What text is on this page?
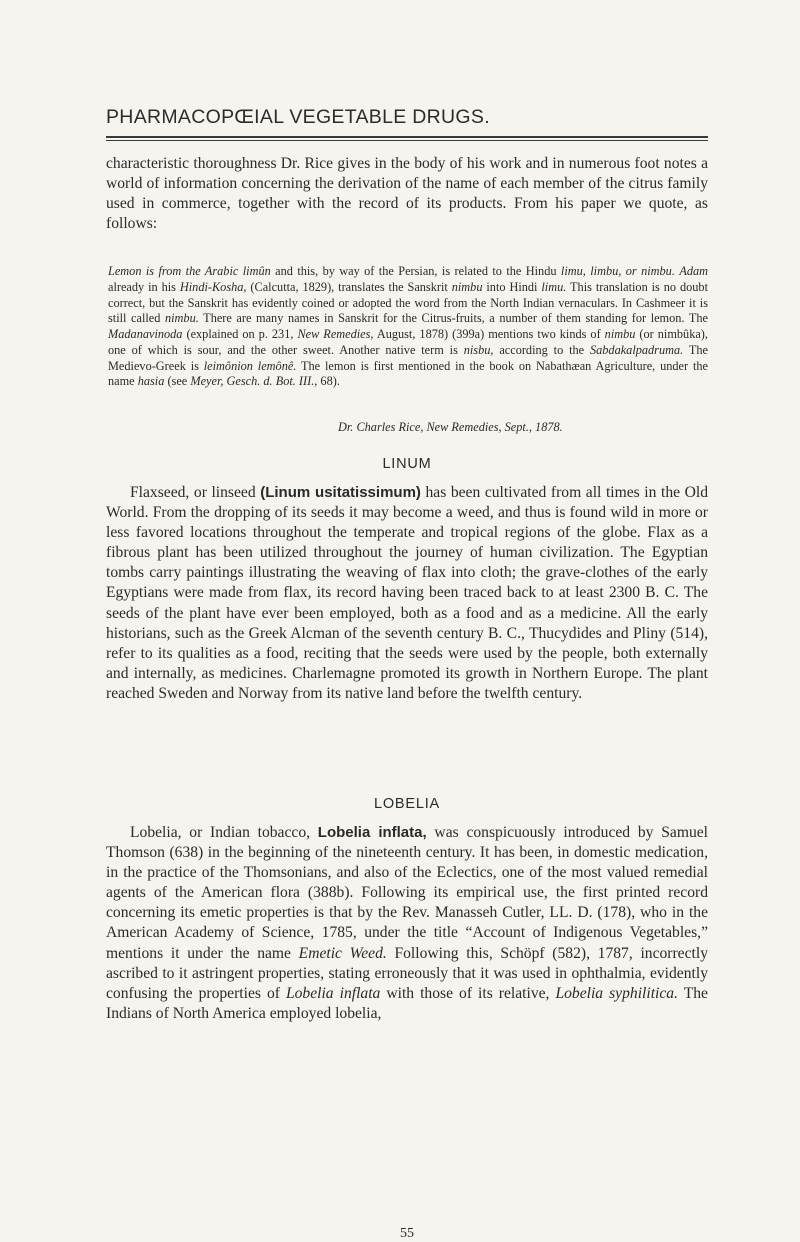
PHARMACOPŒIAL VEGETABLE DRUGS.

characteristic thoroughness Dr. Rice gives in the body of his work and in numerous foot notes a world of information concerning the derivation of the name of each member of the citrus family used in commerce, together with the record of its products. From his paper we quote, as follows:

Lemon is from the Arabic limûn and this, by way of the Persian, is related to the Hindu limu, limbu, or nimbu. Adam already in his Hindi-Kosha, (Calcutta, 1829), translates the Sanskrit nimbu into Hindi limu. This translation is no doubt correct, but the Sanskrit has evidently coined or adopted the word from the North Indian vernaculars. In Cashmeer it is still called nimbu. There are many names in Sanskrit for the Citrus-fruits, a number of them standing for lemon. The Madanavinoda (explained on p. 231, New Remedies, August, 1878) (399a) mentions two kinds of nimbu (or nimbûka), one of which is sour, and the other sweet. Another native term is nisbu, according to the Sabdakalpadruma. The Medievo-Greek is leimônion lemônê. The lemon is first mentioned in the book on Nabathæan Agriculture, under the name hasia (see Meyer, Gesch. d. Bot. III., 68).

Dr. Charles Rice, New Remedies, Sept., 1878.

LINUM

Flaxseed, or linseed (Linum usitatissimum) has been cultivated from all times in the Old World. From the dropping of its seeds it may become a weed, and thus is found wild in more or less favored locations throughout the temperate and tropical regions of the globe. Flax as a fibrous plant has been utilized throughout the journey of human civilization. The Egyptian tombs carry paintings illustrating the weaving of flax into cloth; the grave-clothes of the early Egyptians were made from flax, its record having been traced back to at least 2300 B. C. The seeds of the plant have ever been employed, both as a food and as a medicine. All the early historians, such as the Greek Alcman of the seventh century B. C., Thucydides and Pliny (514), refer to its qualities as a food, reciting that the seeds were used by the people, both externally and internally, as medicines. Charlemagne promoted its growth in Northern Europe. The plant reached Sweden and Norway from its native land before the twelfth century.

LOBELIA

Lobelia, or Indian tobacco, Lobelia inflata, was conspicuously introduced by Samuel Thomson (638) in the beginning of the nineteenth century. It has been, in domestic medication, in the practice of the Thomsonians, and also of the Eclectics, one of the most valued remedial agents of the American flora (388b). Following its empirical use, the first printed record concerning its emetic properties is that by the Rev. Manasseh Cutler, LL. D. (178), who in the American Academy of Science, 1785, under the title “Account of Indigenous Vegetables,” mentions it under the name Emetic Weed. Following this, Schöpf (582), 1787, incorrectly ascribed to it astringent properties, stating erroneously that it was used in ophthalmia, evidently confusing the properties of Lobelia inflata with those of its relative, Lobelia syphilitica. The Indians of North America employed lobelia,

55
